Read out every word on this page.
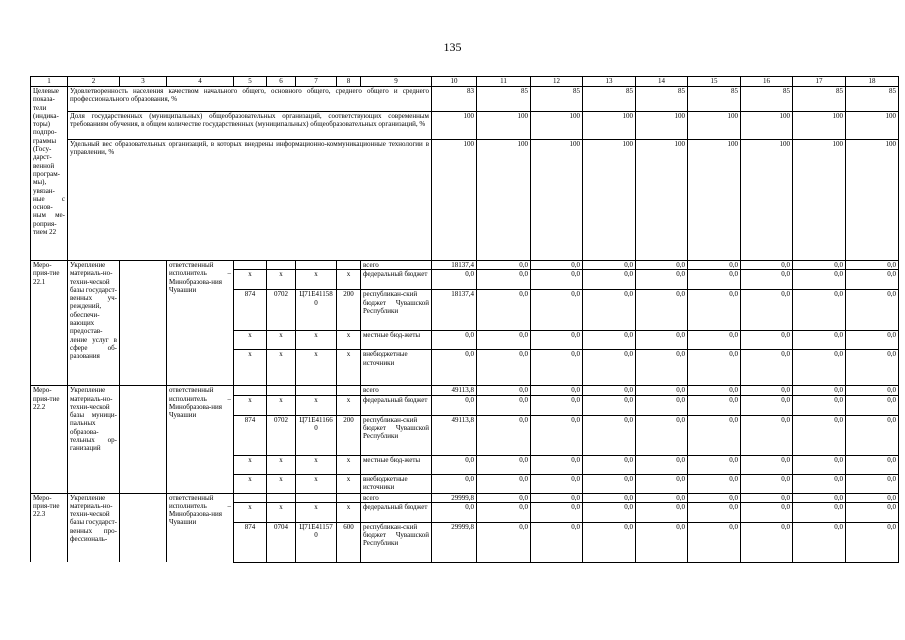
135
1	2	3	4	5	6	7	8	9	10	11	12	13	14	15	16	17	18
Целевые показа-тели (индика-торы) подпро-граммы (Госу-дарст-венной програм-мы), увязан-ные с основ-ным ме-роприя-тием 22	Удовлетворенность населения качеством начального общего, основного общего, среднего общего и среднего профессионального образования, %								83	85	85	85	85	85	85	85	85
	Доля государственных (муниципальных) общеобразовательных организаций, соответствующих современным требованиям обучения, в общем количестве государственных (муниципальных) общеобразовательных организаций, %								100	100	100	100	100	100	100	100	100
	Удельный вес образовательных организаций, в которых внедрены информационно-коммуникационные технологии в управлении, %								100	100	100	100	100	100	100	100	100
Меро-прия-тие 22.1	Укрепление материаль-но-техни-ческой базы государст-венных уч-реждений, обеспечи-вающих предостав-ление услуг в сфере об-разования		ответственный исполнитель – Минобразова-ния Чувашии					всего	18137,4	0,0	0,0	0,0	0,0	0,0	0,0	0,0	0,0
				x	x	x	x	федеральный бюджет	0,0	0,0	0,0	0,0	0,0	0,0	0,0	0,0	0,0
				874	0702	Ц71Е411580	200	республикан-ский бюджет Чувашской Республики	18137,4	0,0	0,0	0,0	0,0	0,0	0,0	0,0	0,0
				x	x	x	x	местные бюд-жеты	0,0	0,0	0,0	0,0	0,0	0,0	0,0	0,0	0,0
				x	x	x	x	внебюджетные источники	0,0	0,0	0,0	0,0	0,0	0,0	0,0	0,0	0,0
Меро-прия-тие 22.2	Укрепление материаль-но-техни-ческой базы муници-пальных образова-тельных ор-ганизаций		ответственный исполнитель – Минобразова-ния Чувашии					всего	49113,8	0,0	0,0	0,0	0,0	0,0	0,0	0,0	0,0
				x	x	x	x	федеральный бюджет	0,0	0,0	0,0	0,0	0,0	0,0	0,0	0,0	0,0
				874	0702	Ц71Е411660	200	республикан-ский бюджет Чувашской Республики	49113,8	0,0	0,0	0,0	0,0	0,0	0,0	0,0	0,0
				x	x	x	x	местные бюд-жеты	0,0	0,0	0,0	0,0	0,0	0,0	0,0	0,0	0,0
				x	x	x	x	внебюджетные источники	0,0	0,0	0,0	0,0	0,0	0,0	0,0	0,0	0,0
Меро-прия-тие 22.3	Укрепление материаль-но-техни-ческой базы государст-венных про-фессиональ-		ответственный исполнитель – Минобразова-ния Чувашии					всего	29999,8	0,0	0,0	0,0	0,0	0,0	0,0	0,0	0,0
				x	x	x	x	федеральный бюджет	0,0	0,0	0,0	0,0	0,0	0,0	0,0	0,0	0,0
				874	0704	Ц71Е411570	600	республикан-ский бюджет Чувашской Республики	29999,8	0,0	0,0	0,0	0,0	0,0	0,0	0,0	0,0
